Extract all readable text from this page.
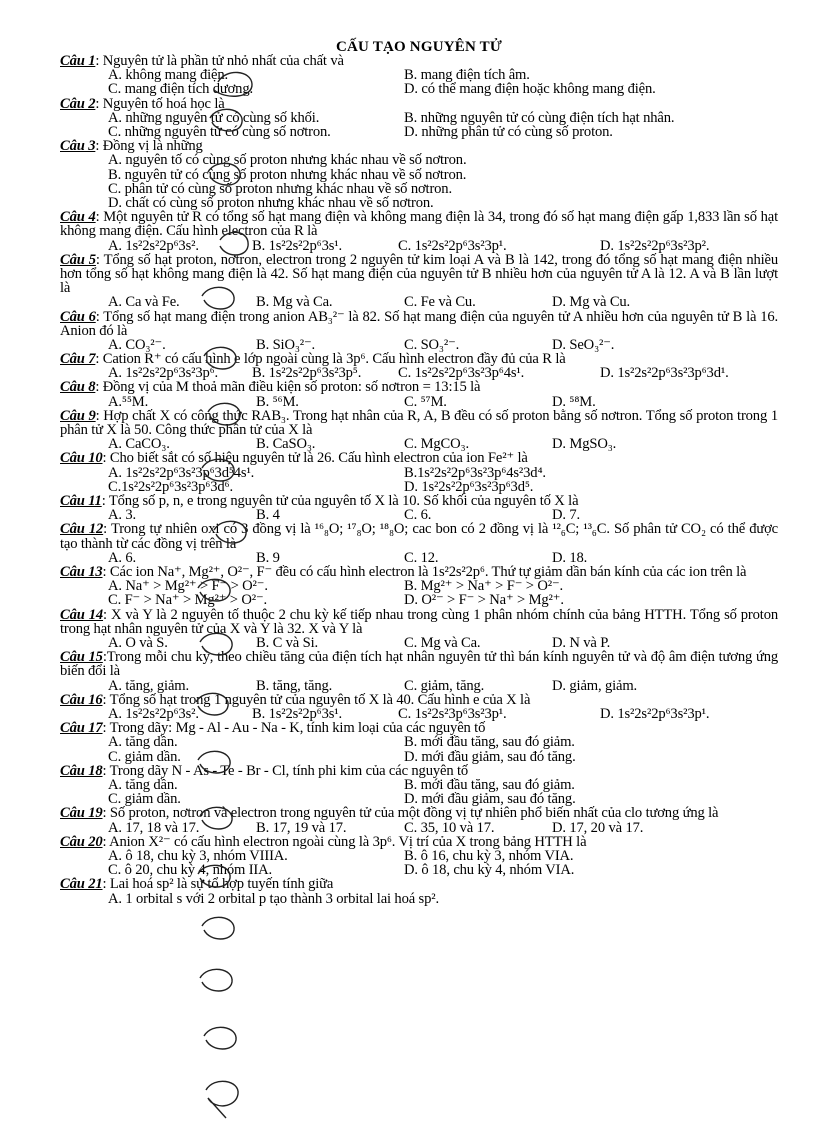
CẤU TẠO NGUYÊN TỬ
Câu 1: Nguyên tử là phần tử nhỏ nhất của chất và
A. không mang điện.	B. mang điện tích âm.
C. mang điện tích dương.	D. có thể mang điện hoặc không mang điện.
Câu 2: Nguyên tố hoá học là
A. những nguyên tử có cùng số khối.	B. những nguyên tử có cùng điện tích hạt nhân.
C. những nguyên tử có cùng số nơtron.	D. những phân tử có cùng số proton.
Câu 3: Đồng vị là những
A. nguyên tố có cùng số proton nhưng khác nhau về số nơtron.
B. nguyên tử có cùng số proton nhưng khác nhau về số nơtron.
C. phân tử có cùng số proton nhưng khác nhau về số nơtron.
D. chất có cùng số proton nhưng khác nhau về số nơtron.
Câu 4: Một nguyên tử R có tổng số hạt mang điện và không mang điện là 34, trong đó số hạt mang điện gấp 1,833 lần số hạt không mang điện. Cấu hình electron của R là
A. 1s²2s²2p⁶3s².	B. 1s²2s²2p⁶3s¹.	C. 1s²2s²2p⁶3s²3p¹.	D. 1s²2s²2p⁶3s²3p².
Câu 5: Tổng số hạt proton, nơtron, electron trong 2 nguyên tử kim loại A và B là 142, trong đó tổng số hạt mang điện nhiều hơn tổng số hạt không mang điện là 42. Số hạt mang điện của nguyên tử B nhiều hơn của nguyên tử A là 12. A và B lần lượt là
A. Ca và Fe.	B. Mg và Ca.	C. Fe và Cu.	D. Mg và Cu.
Câu 6: Tổng số hạt mang điện trong anion AB₃²⁻ là 82. Số hạt mang điện của nguyên tử A nhiều hơn của nguyên tử B là 16. Anion đó là
A. CO₃²⁻.	B. SiO₃²⁻.	C. SO₃²⁻.	D. SeO₃²⁻.
Câu 7: Cation R⁺ có cấu hình e lớp ngoài cùng là 3p⁶. Cấu hình electron đầy đủ của R là
A. 1s²2s²2p⁶3s²3p⁶. B. 1s²2s²2p⁶3s²3p⁵.	C. 1s²2s²2p⁶3s²3p⁶4s¹.	D. 1s²2s²2p⁶3s²3p⁶3d¹.
Câu 8: Đồng vị của M thoả mãn điều kiện số proton: số nơtron = 13:15 là
A.⁵⁵M.	B. ⁵⁶M.	C. ⁵⁷M.	D. ⁵⁸M.
Câu 9: Hợp chất X có công thức RAB₃. Trong hạt nhân của R, A, B đều có số proton bằng số nơtron. Tổng số proton trong 1 phân tử X là 50. Công thức phân tử của X là
A. CaCO₃.	B. CaSO₃.	C. MgCO₃.	D. MgSO₃.
Câu 10: Cho biết sắt có số hiệu nguyên tử là 26. Cấu hình electron của ion Fe²⁺ là
A. 1s²2s²2p⁶3s²3p⁶3d⁵4s¹.	B.1s²2s²2p⁶3s²3p⁶4s²3d⁴.
C.1s²2s²2p⁶3s²3p⁶3d⁶.	D. 1s²2s²2p⁶3s²3p⁶3d⁵.
Câu 11: Tổng số p, n, e trong nguyên tử của nguyên tố X là 10. Số khối của nguyên tố X là
A. 3.	B. 4	C. 6.	D. 7.
Câu 12: Trong tự nhiên oxi có 3 đồng vị là ¹⁶₈O; ¹⁷₈O; ¹⁸₈O; cac bon có 2 đồng vị là ¹²₆C; ¹³₆C. Số phân tử CO₂ có thể được tạo thành từ các đồng vị trên là
A. 6.	B. 9	C. 12.	D. 18.
Câu 13: Các ion Na⁺, Mg²⁺, O²⁻, F⁻ đều có cấu hình electron là 1s²2s²2p⁶. Thứ tự giảm dần bán kính của các ion trên là
A. Na⁺ > Mg²⁺ > F⁻ > O²⁻.	B. Mg²⁺ > Na⁺ > F⁻ > O²⁻.
C. F⁻ > Na⁺ > Mg²⁺ > O²⁻.	D. O²⁻ > F⁻ > Na⁺ > Mg²⁺.
Câu 14: X và Y là 2 nguyên tố thuộc 2 chu kỳ kế tiếp nhau trong cùng 1 phân nhóm chính của bảng HTTH. Tổng số proton trong hạt nhân nguyên tử của X và Y là 32. X và Y là
A. O và S.	B. C và Si.	C. Mg và Ca.	D. N và P.
Câu 15:Trong mỗi chu kỳ, theo chiều tăng của điện tích hạt nhân nguyên tử thì bán kính nguyên tử và độ âm điện tương ứng biến đổi là
A. tăng, giảm.	B. tăng, tăng.	C. giảm, tăng.	D. giảm, giảm.
Câu 16: Tổng số hạt trong 1 nguyên tử của nguyên tố X là 40. Cấu hình e của X là
A. 1s²2s²2p⁶3s².	B. 1s²2s²2p⁶3s¹.	C. 1s²2s²3p⁶3s²3p¹.	D. 1s²2s²2p⁶3s²3p¹.
Câu 17: Trong dãy: Mg - Al - Au - Na - K, tính kim loại của các nguyên tố
A. tăng dần.	B. mới đầu tăng, sau đó giảm.
C. giảm dần.	D. mới đầu giảm, sau đó tăng.
Câu 18: Trong dãy N - As - Te - Br - Cl, tính phi kim của các nguyên tố
A. tăng dần.	B. mới đầu tăng, sau đó giảm.
C. giảm dần.	D. mới đầu giảm, sau đó tăng.
Câu 19: Số proton, nơtron và electron trong nguyên tử của một đồng vị tự nhiên phổ biến nhất của clo tương ứng là
A. 17, 18 và 17.	B. 17, 19 và 17.	C. 35, 10 và 17.	D. 17, 20 và 17.
Câu 20: Anion X²⁻ có cấu hình electron ngoài cùng là 3p⁶. Vị trí của X trong bảng HTTH là
A. ô 18, chu kỳ 3, nhóm VIIIA.	B. ô 16, chu kỳ 3, nhóm VIA.
C. ô 20, chu kỳ 4, nhóm IIA.	D. ô 18, chu kỳ 4, nhóm VIA.
Câu 21: Lai hoá sp² là sự tổ hợp tuyến tính giữa
A. 1 orbital s với 2 orbital p tạo thành 3 orbital lai hoá sp².
